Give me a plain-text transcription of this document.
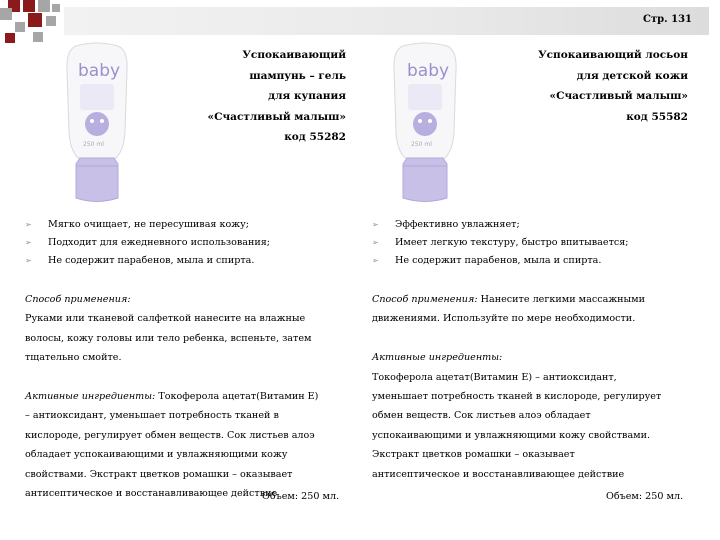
Стр. 131
baby
250 ml
Успокаивающий
шампунь – гель
для купания
«Счастливый малыш»
код 55282
baby
250 ml
Успокаивающий лосьон
для детской кожи
«Счастливый малыш»
код 55582
➢ Мягко очищает, не пересушивая кожу;
➢ Подходит для ежедневного использования;
➢ Не содержит парабенов, мыла и спирта.
➢ Эффективно увлажняет;
➢ Имеет легкую текстуру, быстро впитывается;
➢ Не содержит парабенов, мыла и спирта.
Способ применения:
Руками или тканевой салфеткой нанесите на влажные
волосы, кожу головы или тело ребенка, вспеньте, затем
тщательно смойте.
Активные ингредиенты: Токоферола ацетат(Витамин Е)
– антиоксидант, уменьшает потребность тканей в
кислороде, регулирует обмен веществ. Сок листьев алоэ
обладает успокаивающими и увлажняющими кожу
свойствами. Экстракт цветков ромашки – оказывает
антисептическое и восстанавливающее действие
Объем: 250 мл.
Способ применения: Нанесите легкими массажными
движениями. Используйте по мере необходимости.
Активные ингредиенты:
Токоферола ацетат(Витамин Е) – антиоксидант,
уменьшает потребность тканей в кислороде, регулирует
обмен веществ. Сок листьев алоэ обладает
успокаивающими и увлажняющими кожу свойствами.
Экстракт цветков ромашки – оказывает
антисептическое и восстанавливающее действие
Объем: 250 мл.
